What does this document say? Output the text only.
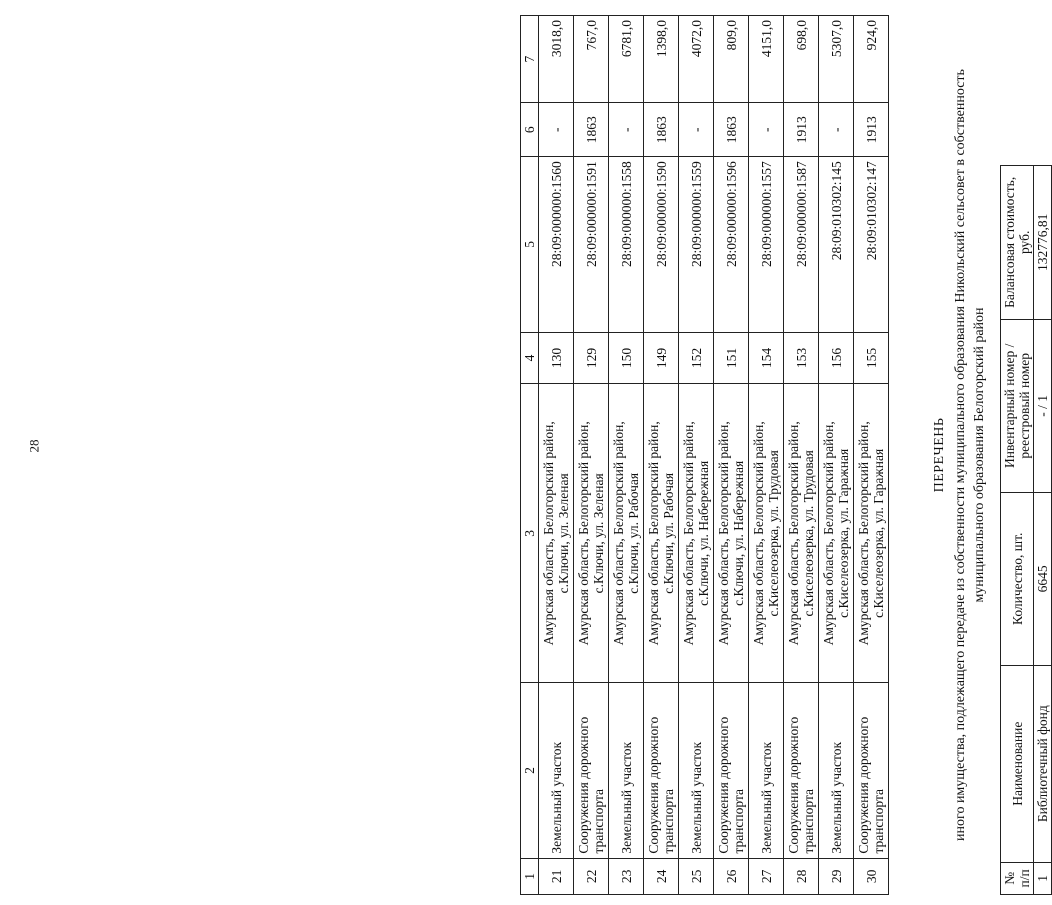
28
1	2	3	4	5	6	7
21	Земельный участок	Амурская область, Белогорский район, с.Ключи, ул. Зеленая	130	28:09:000000:1560	-	3018,0
22	Сооружения дорожного транспорта	Амурская область, Белогорский район, с.Ключи, ул. Зеленая	129	28:09:000000:1591	1863	767,0
23	Земельный участок	Амурская область, Белогорский район, с.Ключи, ул. Рабочая	150	28:09:000000:1558	-	6781,0
24	Сооружения дорожного транспорта	Амурская область, Белогорский район, с.Ключи, ул. Рабочая	149	28:09:000000:1590	1863	1398,0
25	Земельный участок	Амурская область, Белогорский район, с.Ключи, ул. Набережная	152	28:09:000000:1559	-	4072,0
26	Сооружения дорожного транспорта	Амурская область, Белогорский район, с.Ключи, ул. Набережная	151	28:09:000000:1596	1863	809,0
27	Земельный участок	Амурская область, Белогорский район, с.Киселеозерка, ул. Трудовая	154	28:09:000000:1557	-	4151,0
28	Сооружения дорожного транспорта	Амурская область, Белогорский район, с.Киселеозерка, ул. Трудовая	153	28:09:000000:1587	1913	698,0
29	Земельный участок	Амурская область, Белогорский район, с.Киселеозерка, ул. Гаражная	156	28:09:010302:145	-	5307,0
30	Сооружения дорожного транспорта	Амурская область, Белогорский район, с.Киселеозерка, ул. Гаражная	155	28:09:010302:147	1913	924,0
ПЕРЕЧЕНЬ иного имущества, подлежащего передаче из собственности муниципального образования Никольский сельсовет в собственность муниципального образования Белогорский район
№ п/п	Наименование	Количество, шт.	Инвентарный номер / реестровый номер	Балансовая стоимость, руб.
1	Библиотечный фонд	6645	- / 1	132776,81
